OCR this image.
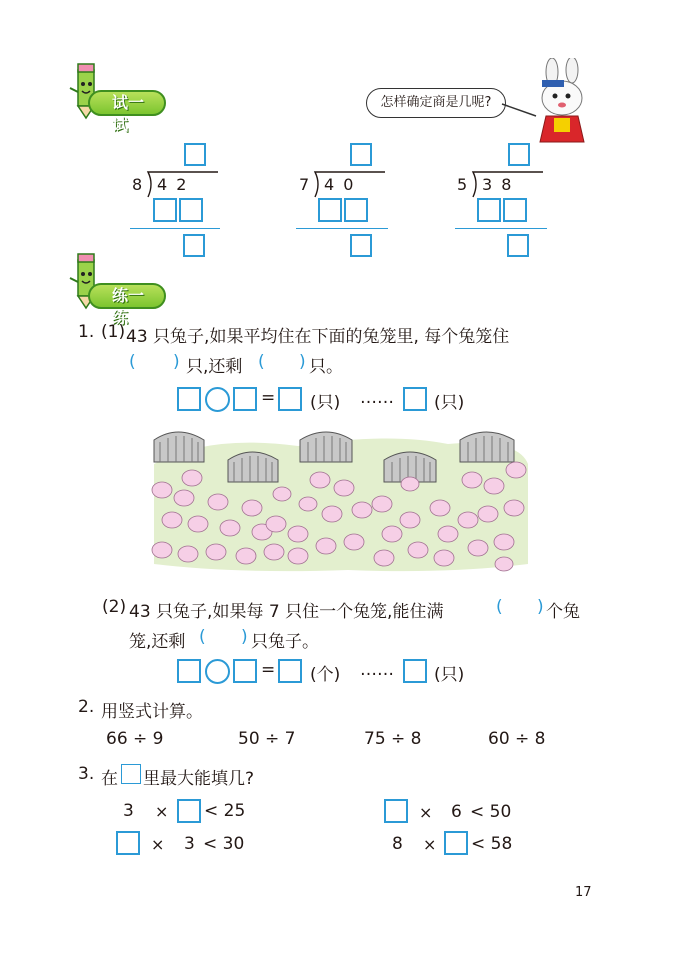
试一试
怎样确定商是几呢?
8 4 2	7 4 0	5 3 8
练一练
1. (1) 43 只兔子,如果平均住在下面的兔笼里, 每个兔笼住
( ) 只,还剩 ( ) 只。
= (只) …… (只)
(2) 43 只兔子,如果每 7 只住一个兔笼,能住满	( ) 个兔
笼,还剩 ( ) 只兔子。
= (个) …… (只)
2. 用竖式计算。
66 ÷ 9	50 ÷ 7	75 ÷ 8	60 ÷ 8
3. 在 里最大能填几?
3 × < 25	× 6 < 50
× 3 < 30	8 × < 58
17
